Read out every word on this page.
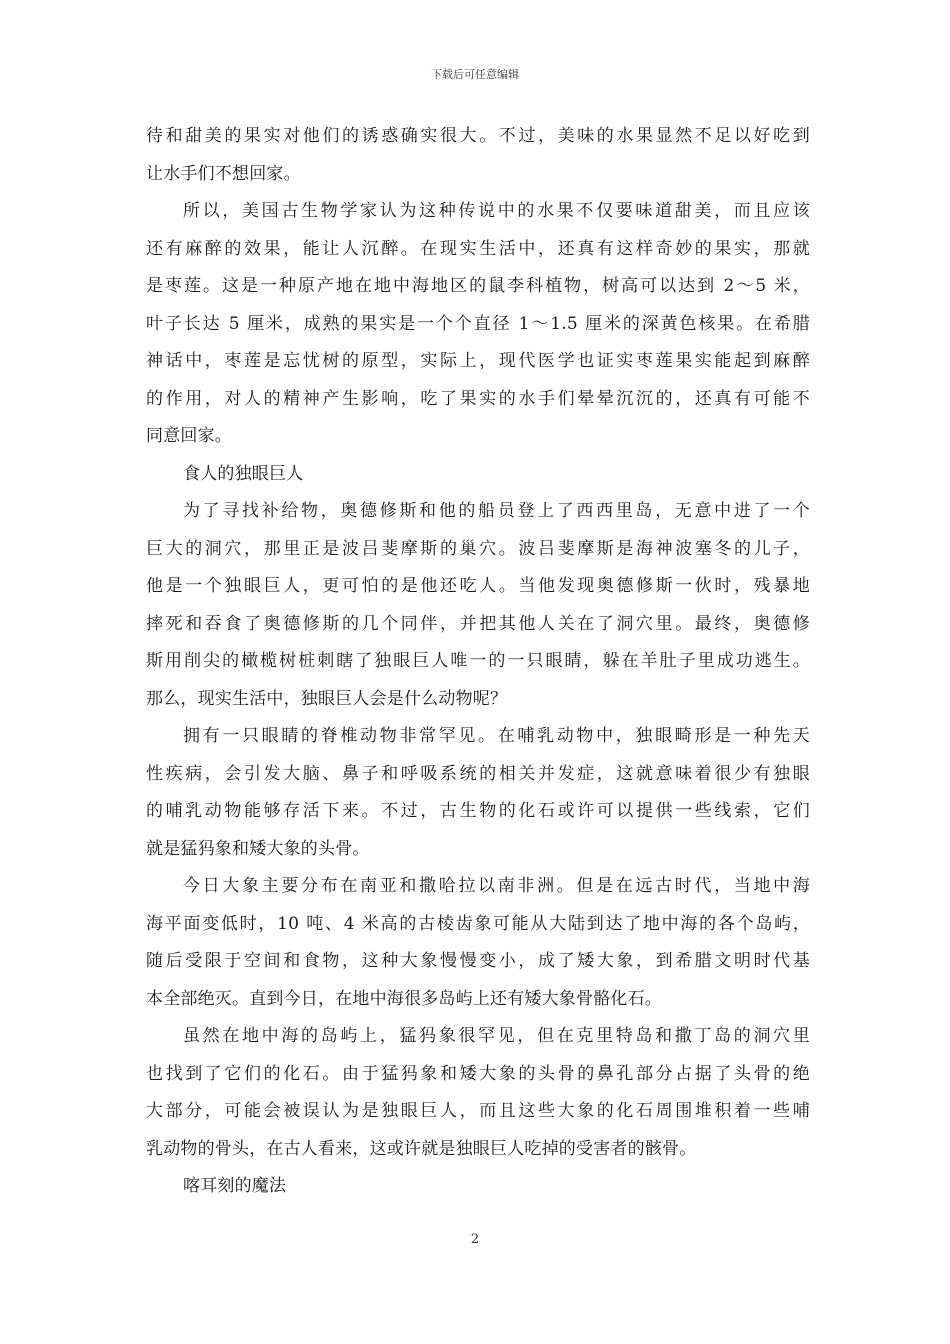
下载后可任意编辑
待和甜美的果实对他们的诱惑确实很大。不过，美味的水果显然不足以好吃到
让水手们不想回家。
所以，美国古生物学家认为这种传说中的水果不仅要味道甜美，而且应该
还有麻醉的效果，能让人沉醉。在现实生活中，还真有这样奇妙的果实，那就
是枣莲。这是一种原产地在地中海地区的鼠李科植物，树高可以达到 2～5 米，
叶子长达 5 厘米，成熟的果实是一个个直径 1～1.5 厘米的深黄色核果。在希腊
神话中，枣莲是忘忧树的原型，实际上，现代医学也证实枣莲果实能起到麻醉
的作用，对人的精神产生影响，吃了果实的水手们晕晕沉沉的，还真有可能不
同意回家。
食人的独眼巨人
为了寻找补给物，奥德修斯和他的船员登上了西西里岛，无意中进了一个
巨大的洞穴，那里正是波吕斐摩斯的巢穴。波吕斐摩斯是海神波塞冬的儿子，
他是一个独眼巨人，更可怕的是他还吃人。当他发现奥德修斯一伙时，残暴地
摔死和吞食了奥德修斯的几个同伴，并把其他人关在了洞穴里。最终，奥德修
斯用削尖的橄榄树桩刺瞎了独眼巨人唯一的一只眼睛，躲在羊肚子里成功逃生。
那么，现实生活中，独眼巨人会是什么动物呢？
拥有一只眼睛的脊椎动物非常罕见。在哺乳动物中，独眼畸形是一种先天
性疾病，会引发大脑、鼻子和呼吸系统的相关并发症，这就意味着很少有独眼
的哺乳动物能够存活下来。不过，古生物的化石或许可以提供一些线索，它们
就是猛犸象和矮大象的头骨。
今日大象主要分布在南亚和撒哈拉以南非洲。但是在远古时代，当地中海
海平面变低时，10 吨、4 米高的古棱齿象可能从大陆到达了地中海的各个岛屿，
随后受限于空间和食物，这种大象慢慢变小，成了矮大象，到希腊文明时代基
本全部绝灭。直到今日，在地中海很多岛屿上还有矮大象骨骼化石。
虽然在地中海的岛屿上，猛犸象很罕见，但在克里特岛和撒丁岛的洞穴里
也找到了它们的化石。由于猛犸象和矮大象的头骨的鼻孔部分占据了头骨的绝
大部分，可能会被误认为是独眼巨人，而且这些大象的化石周围堆积着一些哺
乳动物的骨头，在古人看来，这或许就是独眼巨人吃掉的受害者的骸骨。
喀耳刻的魔法
2
